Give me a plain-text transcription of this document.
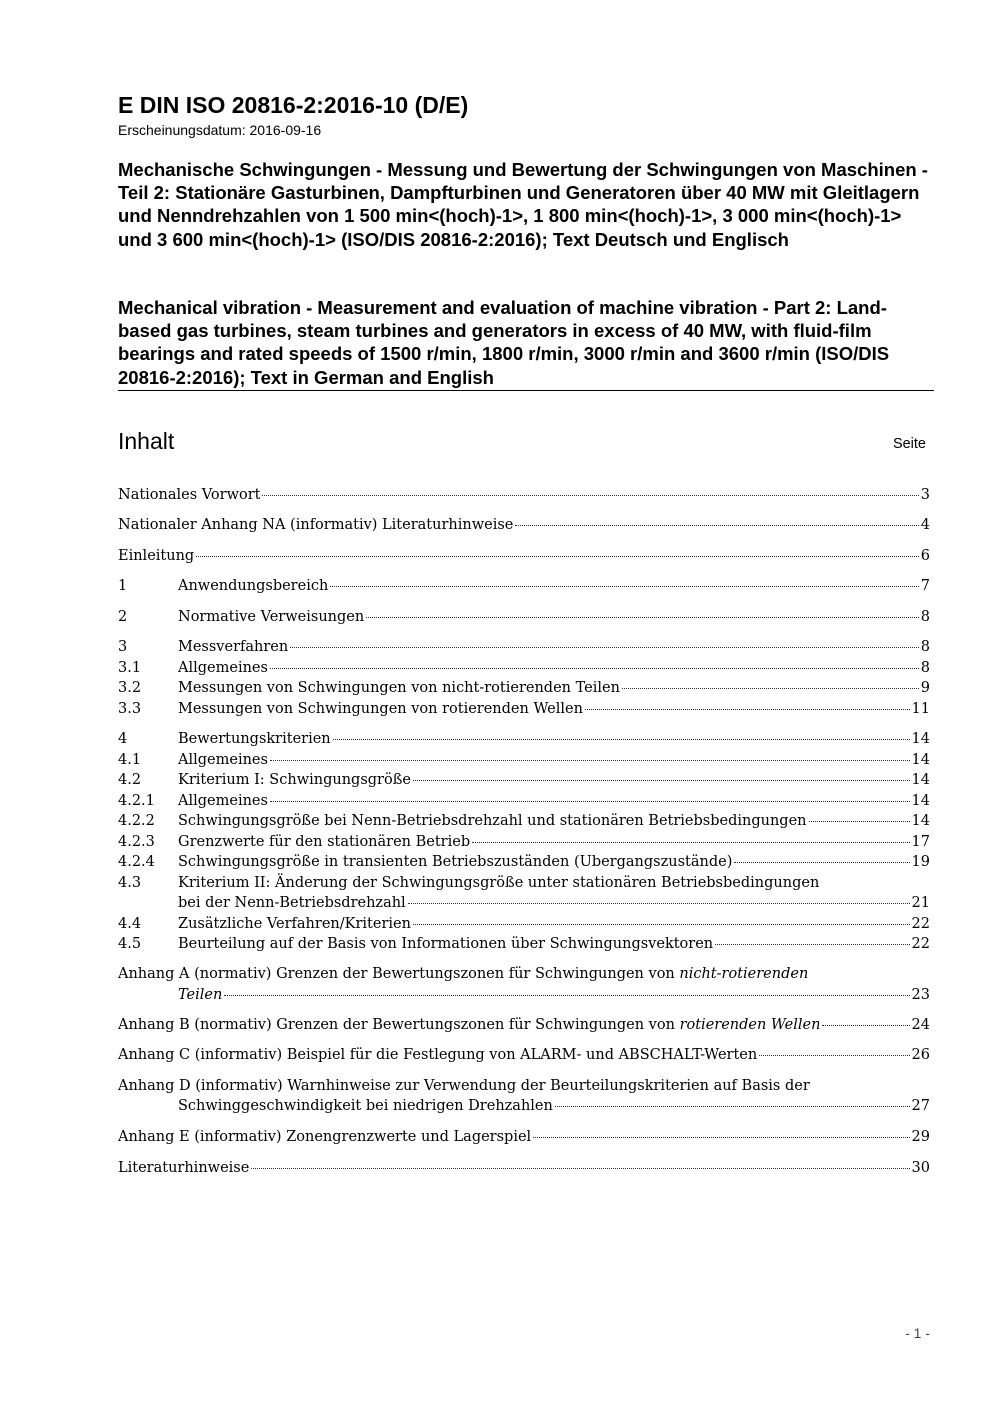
E DIN ISO 20816-2:2016-10 (D/E)
Erscheinungsdatum: 2016-09-16
Mechanische Schwingungen - Messung und Bewertung der Schwingungen von Maschinen - Teil 2: Stationäre Gasturbinen, Dampfturbinen und Generatoren über 40 MW mit Gleitlagern und Nenndrehzahlen von 1 500 min<(hoch)-1>, 1 800 min<(hoch)-1>, 3 000 min<(hoch)-1> und 3 600 min<(hoch)-1> (ISO/DIS 20816-2:2016); Text Deutsch und Englisch
Mechanical vibration - Measurement and evaluation of machine vibration - Part 2: Land-based gas turbines, steam turbines and generators in excess of 40 MW, with fluid-film bearings and rated speeds of 1500 r/min, 1800 r/min, 3000 r/min and 3600 r/min (ISO/DIS 20816-2:2016); Text in German and English
Inhalt	Seite
Nationales Vorwort	3
Nationaler Anhang NA (informativ) Literaturhinweise	4
Einleitung	6
1	Anwendungsbereich	7
2	Normative Verweisungen	8
3	Messverfahren	8
3.1	Allgemeines	8
3.2	Messungen von Schwingungen von nicht-rotierenden Teilen	9
3.3	Messungen von Schwingungen von rotierenden Wellen	11
4	Bewertungskriterien	14
4.1	Allgemeines	14
4.2	Kriterium I: Schwingungsgröße	14
4.2.1	Allgemeines	14
4.2.2	Schwingungsgröße bei Nenn-Betriebsdrehzahl und stationären Betriebsbedingungen	14
4.2.3	Grenzwerte für den stationären Betrieb	17
4.2.4	Schwingungsgröße in transienten Betriebszuständen (Übergangszustände)	19
4.3	Kriterium II: Änderung der Schwingungsgröße unter stationären Betriebsbedingungen
bei der Nenn-Betriebsdrehzahl	21
4.4	Zusätzliche Verfahren/Kriterien	22
4.5	Beurteilung auf der Basis von Informationen über Schwingungsvektoren	22
Anhang A (normativ) Grenzen der Bewertungszonen für Schwingungen von nicht-rotierenden
Teilen	23
Anhang B (normativ) Grenzen der Bewertungszonen für Schwingungen von rotierenden Wellen	24
Anhang C (informativ) Beispiel für die Festlegung von ALARM- und ABSCHALT-Werten	26
Anhang D (informativ) Warnhinweise zur Verwendung der Beurteilungskriterien auf Basis der
Schwinggeschwindigkeit bei niedrigen Drehzahlen	27
Anhang E (informativ) Zonengrenzwerte und Lagerspiel	29
Literaturhinweise	30
- 1 -
